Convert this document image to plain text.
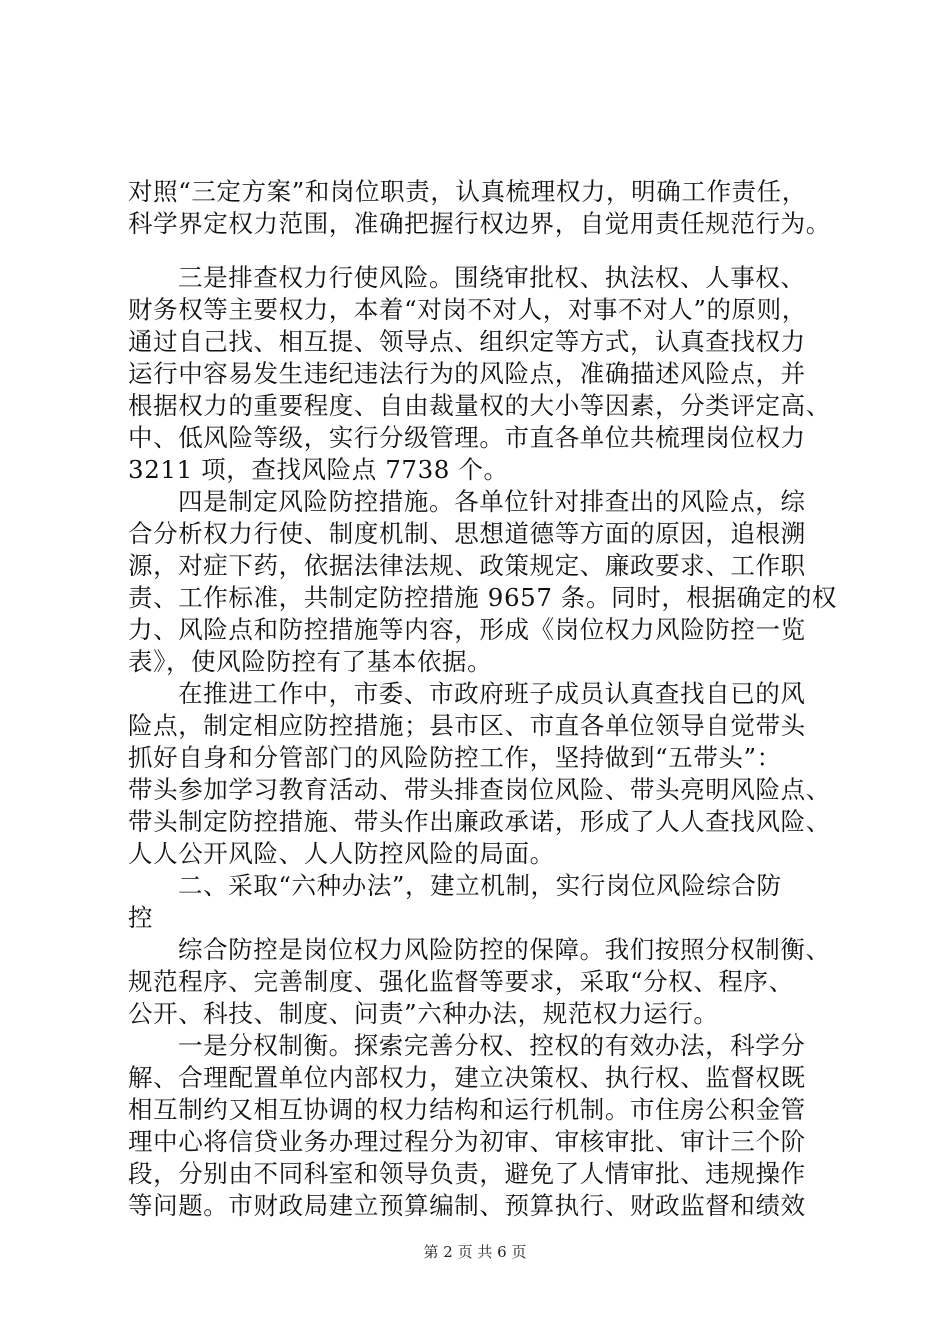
对照“三定方案”和岗位职责，认真梳理权力，明确工作责任，
科学界定权力范围，准确把握行权边界，自觉用责任规范行为。
三是排查权力行使风险。围绕审批权、执法权、人事权、
财务权等主要权力，本着“对岗不对人，对事不对人”的原则，
通过自己找、相互提、领导点、组织定等方式，认真查找权力
运行中容易发生违纪违法行为的风险点，准确描述风险点，并
根据权力的重要程度、自由裁量权的大小等因素，分类评定高、
中、低风险等级，实行分级管理。市直各单位共梳理岗位权力
3211 项，查找风险点 7738 个。
四是制定风险防控措施。各单位针对排查出的风险点，综
合分析权力行使、制度机制、思想道德等方面的原因，追根溯
源，对症下药，依据法律法规、政策规定、廉政要求、工作职
责、工作标准，共制定防控措施 9657 条。同时，根据确定的权
力、风险点和防控措施等内容，形成《岗位权力风险防控一览
表》，使风险防控有了基本依据。
在推进工作中，市委、市政府班子成员认真查找自已的风
险点，制定相应防控措施；县市区、市直各单位领导自觉带头
抓好自身和分管部门的风险防控工作，坚持做到“五带头”：
带头参加学习教育活动、带头排查岗位风险、带头亮明风险点、
带头制定防控措施、带头作出廉政承诺，形成了人人查找风险、
人人公开风险、人人防控风险的局面。
二、采取“六种办法”，建立机制，实行岗位风险综合防
控
综合防控是岗位权力风险防控的保障。我们按照分权制衡、
规范程序、完善制度、强化监督等要求，采取“分权、程序、
公开、科技、制度、问责”六种办法，规范权力运行。
一是分权制衡。探索完善分权、控权的有效办法，科学分
解、合理配置单位内部权力，建立决策权、执行权、监督权既
相互制约又相互协调的权力结构和运行机制。市住房公积金管
理中心将信贷业务办理过程分为初审、审核审批、审计三个阶
段，分别由不同科室和领导负责，避免了人情审批、违规操作
等问题。市财政局建立预算编制、预算执行、财政监督和绩效
第 2 页 共 6 页
